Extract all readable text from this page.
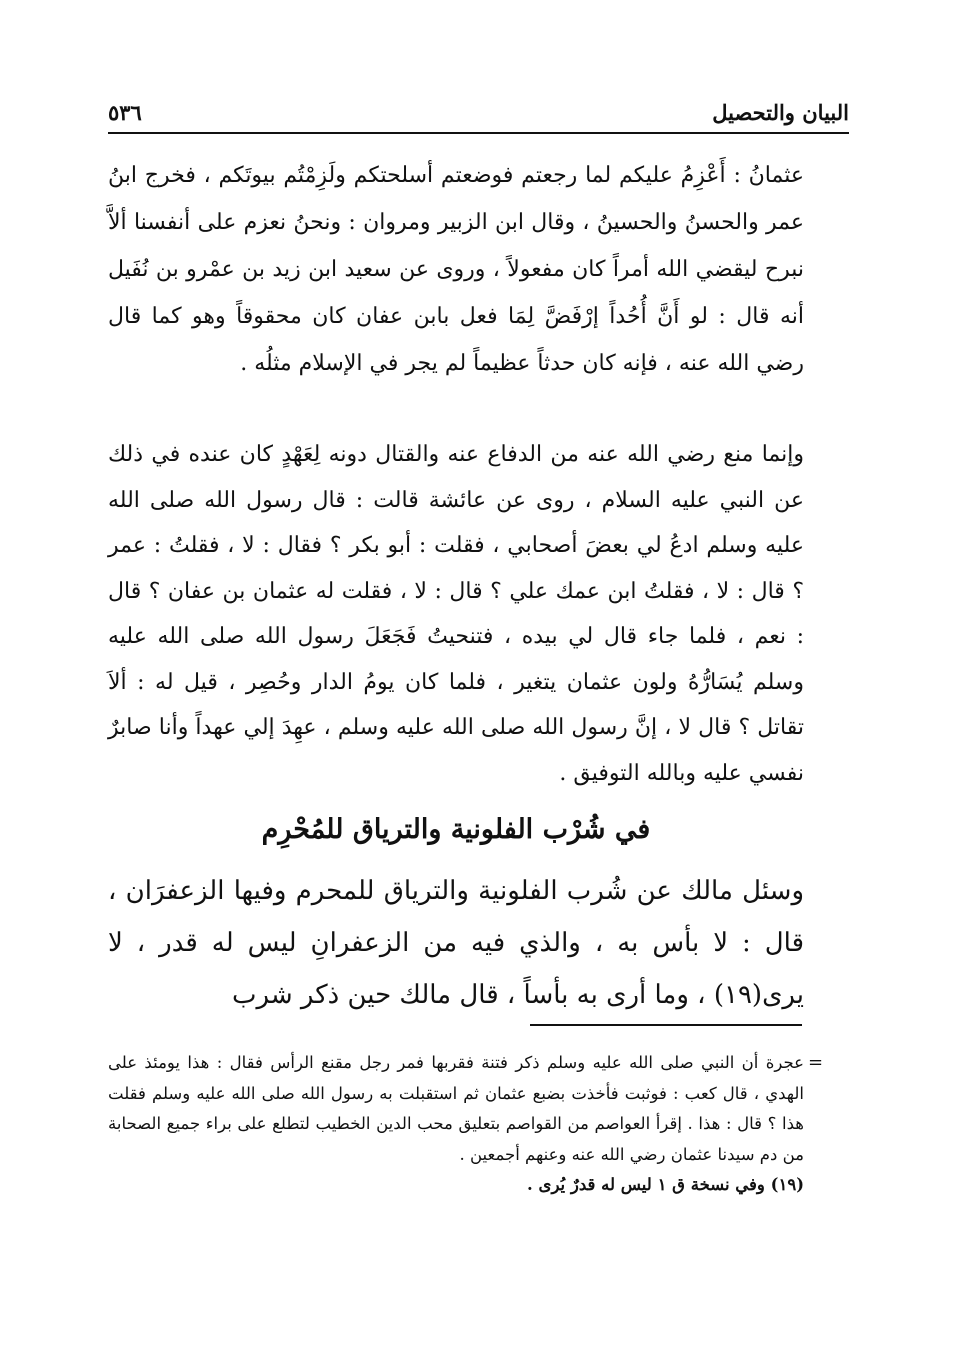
٥٣٦	البيان والتحصيل

عثمانُ : أَعْزِمُ عليكم لما رجعتم فوضعتم أسلحتكم ولَزِمْتُم بيوتَكم ، فخرج ابنُ عمر والحسنُ والحسينُ ، وقال ابن الزبير ومروان : ونحنُ نعزم على أنفسنا ألاَّ نبرح ليقضي الله أمراً كان مفعولاً ، وروى عن سعيد ابن زيد بن عمْرو بن نُفَيل أنه قال : لو أَنَّ أُحُداً إرْفَضَّ لِمَا فعل بابن عفان كان محقوقاً وهو كما قال رضي الله عنه ، فإنه كان حدثاً عظيماً لم يجر في الإسلام مثلُه .

وإنما منع رضي الله عنه من الدفاع عنه والقتال دونه لِعَهْدٍ كان عنده في ذلك عن النبي عليه السلام ، روى عن عائشة قالت : قال رسول الله صلى الله عليه وسلم ادعُ لي بعضَ أصحابي ، فقلت : أبو بكر ؟ فقال : لا ، فقلتُ : عمر ؟ قال : لا ، فقلتُ ابن عمك علي ؟ قال : لا ، فقلت له عثمان بن عفان ؟ قال : نعم ، فلما جاء قال لي بيده ، فتنحيتُ فَجَعَلَ رسول الله صلى الله عليه وسلم يُسَارُّهُ ولون عثمان يتغير ، فلما كان يومُ الدار وحُصِر ، قيل له : ألاَ تقاتل ؟ قال لا ، إنَّ رسول الله صلى الله عليه وسلم ، عهِدَ إلي عهداً وأنا صابرٌ نفسي عليه وبالله التوفيق .

في شُرْب الفلونية والترياق للمُحْرِم

وسئل مالك عن شُرب الفلونية والترياق للمحرم وفيها الزعفرَان ، قال : لا بأس به ، والذي فيه من الزعفرانِ ليس له قدر ، لا يرى(١٩) ، وما أرى به بأساً ، قال مالك حين ذكر شرب

=

عجرة أن النبي صلى الله عليه وسلم ذكر فتنة فقربها فمر رجل مقنع الرأس فقال : هذا يومئذ على الهدي ، قال كعب : فوثبت فأخذت بضبع عثمان ثم استقبلت به رسول الله صلى الله عليه وسلم فقلت هذا ؟ قال : هذا . إقرأ العواصم من القواصم بتعليق محب الدين الخطيب لتطلع على براء جميع الصحابة من دم سيدنا عثمان رضي الله عنه وعنهم أجمعين .

(١٩) وفي نسخة ق ١ ليس له قدرٌ يُرى .
